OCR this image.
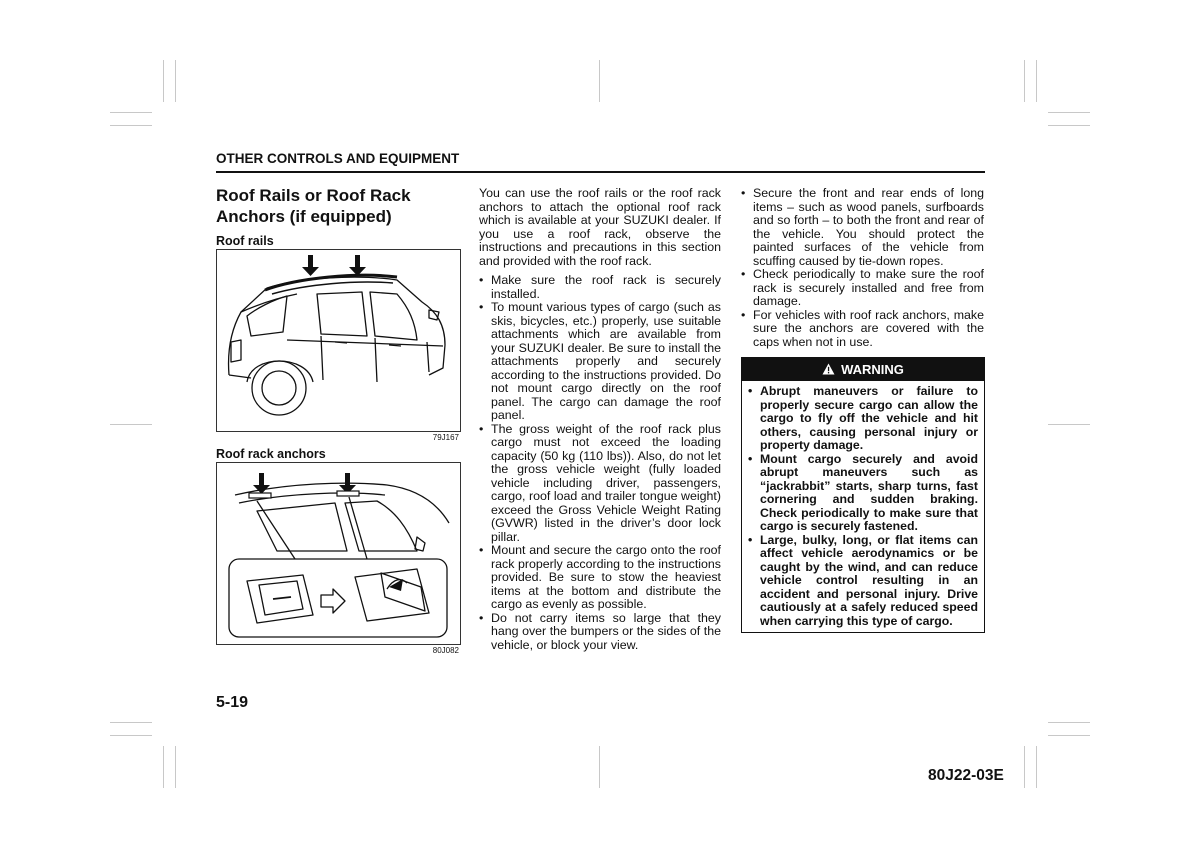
OTHER CONTROLS AND EQUIPMENT
Roof Rails or Roof Rack Anchors (if equipped)
Roof rails
79J167
Roof rack anchors
80J082

You can use the roof rails or the roof rack anchors to attach the optional roof rack which is available at your SUZUKI dealer. If you use a roof rack, observe the instructions and precautions in this section and provided with the roof rack.

• Make sure the roof rack is securely installed.
• To mount various types of cargo (such as skis, bicycles, etc.) properly, use suitable attachments which are available from your SUZUKI dealer. Be sure to install the attachments properly and securely according to the instructions provided. Do not mount cargo directly on the roof panel. The cargo can damage the roof panel.
• The gross weight of the roof rack plus cargo must not exceed the loading capacity (50 kg (110 lbs)). Also, do not let the gross vehicle weight (fully loaded vehicle including driver, passengers, cargo, roof load and trailer tongue weight) exceed the Gross Vehicle Weight Rating (GVWR) listed in the driver’s door lock pillar.
• Mount and secure the cargo onto the roof rack properly according to the instructions provided. Be sure to stow the heaviest items at the bottom and distribute the cargo as evenly as possible.
• Do not carry items so large that they hang over the bumpers or the sides of the vehicle, or block your view.
• Secure the front and rear ends of long items – such as wood panels, surfboards and so forth – to both the front and rear of the vehicle. You should protect the painted surfaces of the vehicle from scuffing caused by tie-down ropes.
• Check periodically to make sure the roof rack is securely installed and free from damage.
• For vehicles with roof rack anchors, make sure the anchors are covered with the caps when not in use.
WARNING
• Abrupt maneuvers or failure to properly secure cargo can allow the cargo to fly off the vehicle and hit others, causing personal injury or property damage.
• Mount cargo securely and avoid abrupt maneuvers such as “jackrabbit” starts, sharp turns, fast cornering and sudden braking. Check periodically to make sure that cargo is securely fastened.
• Large, bulky, long, or flat items can affect vehicle aerodynamics or be caught by the wind, and can reduce vehicle control resulting in an accident and personal injury. Drive cautiously at a safely reduced speed when carrying this type of cargo.
5-19
80J22-03E
